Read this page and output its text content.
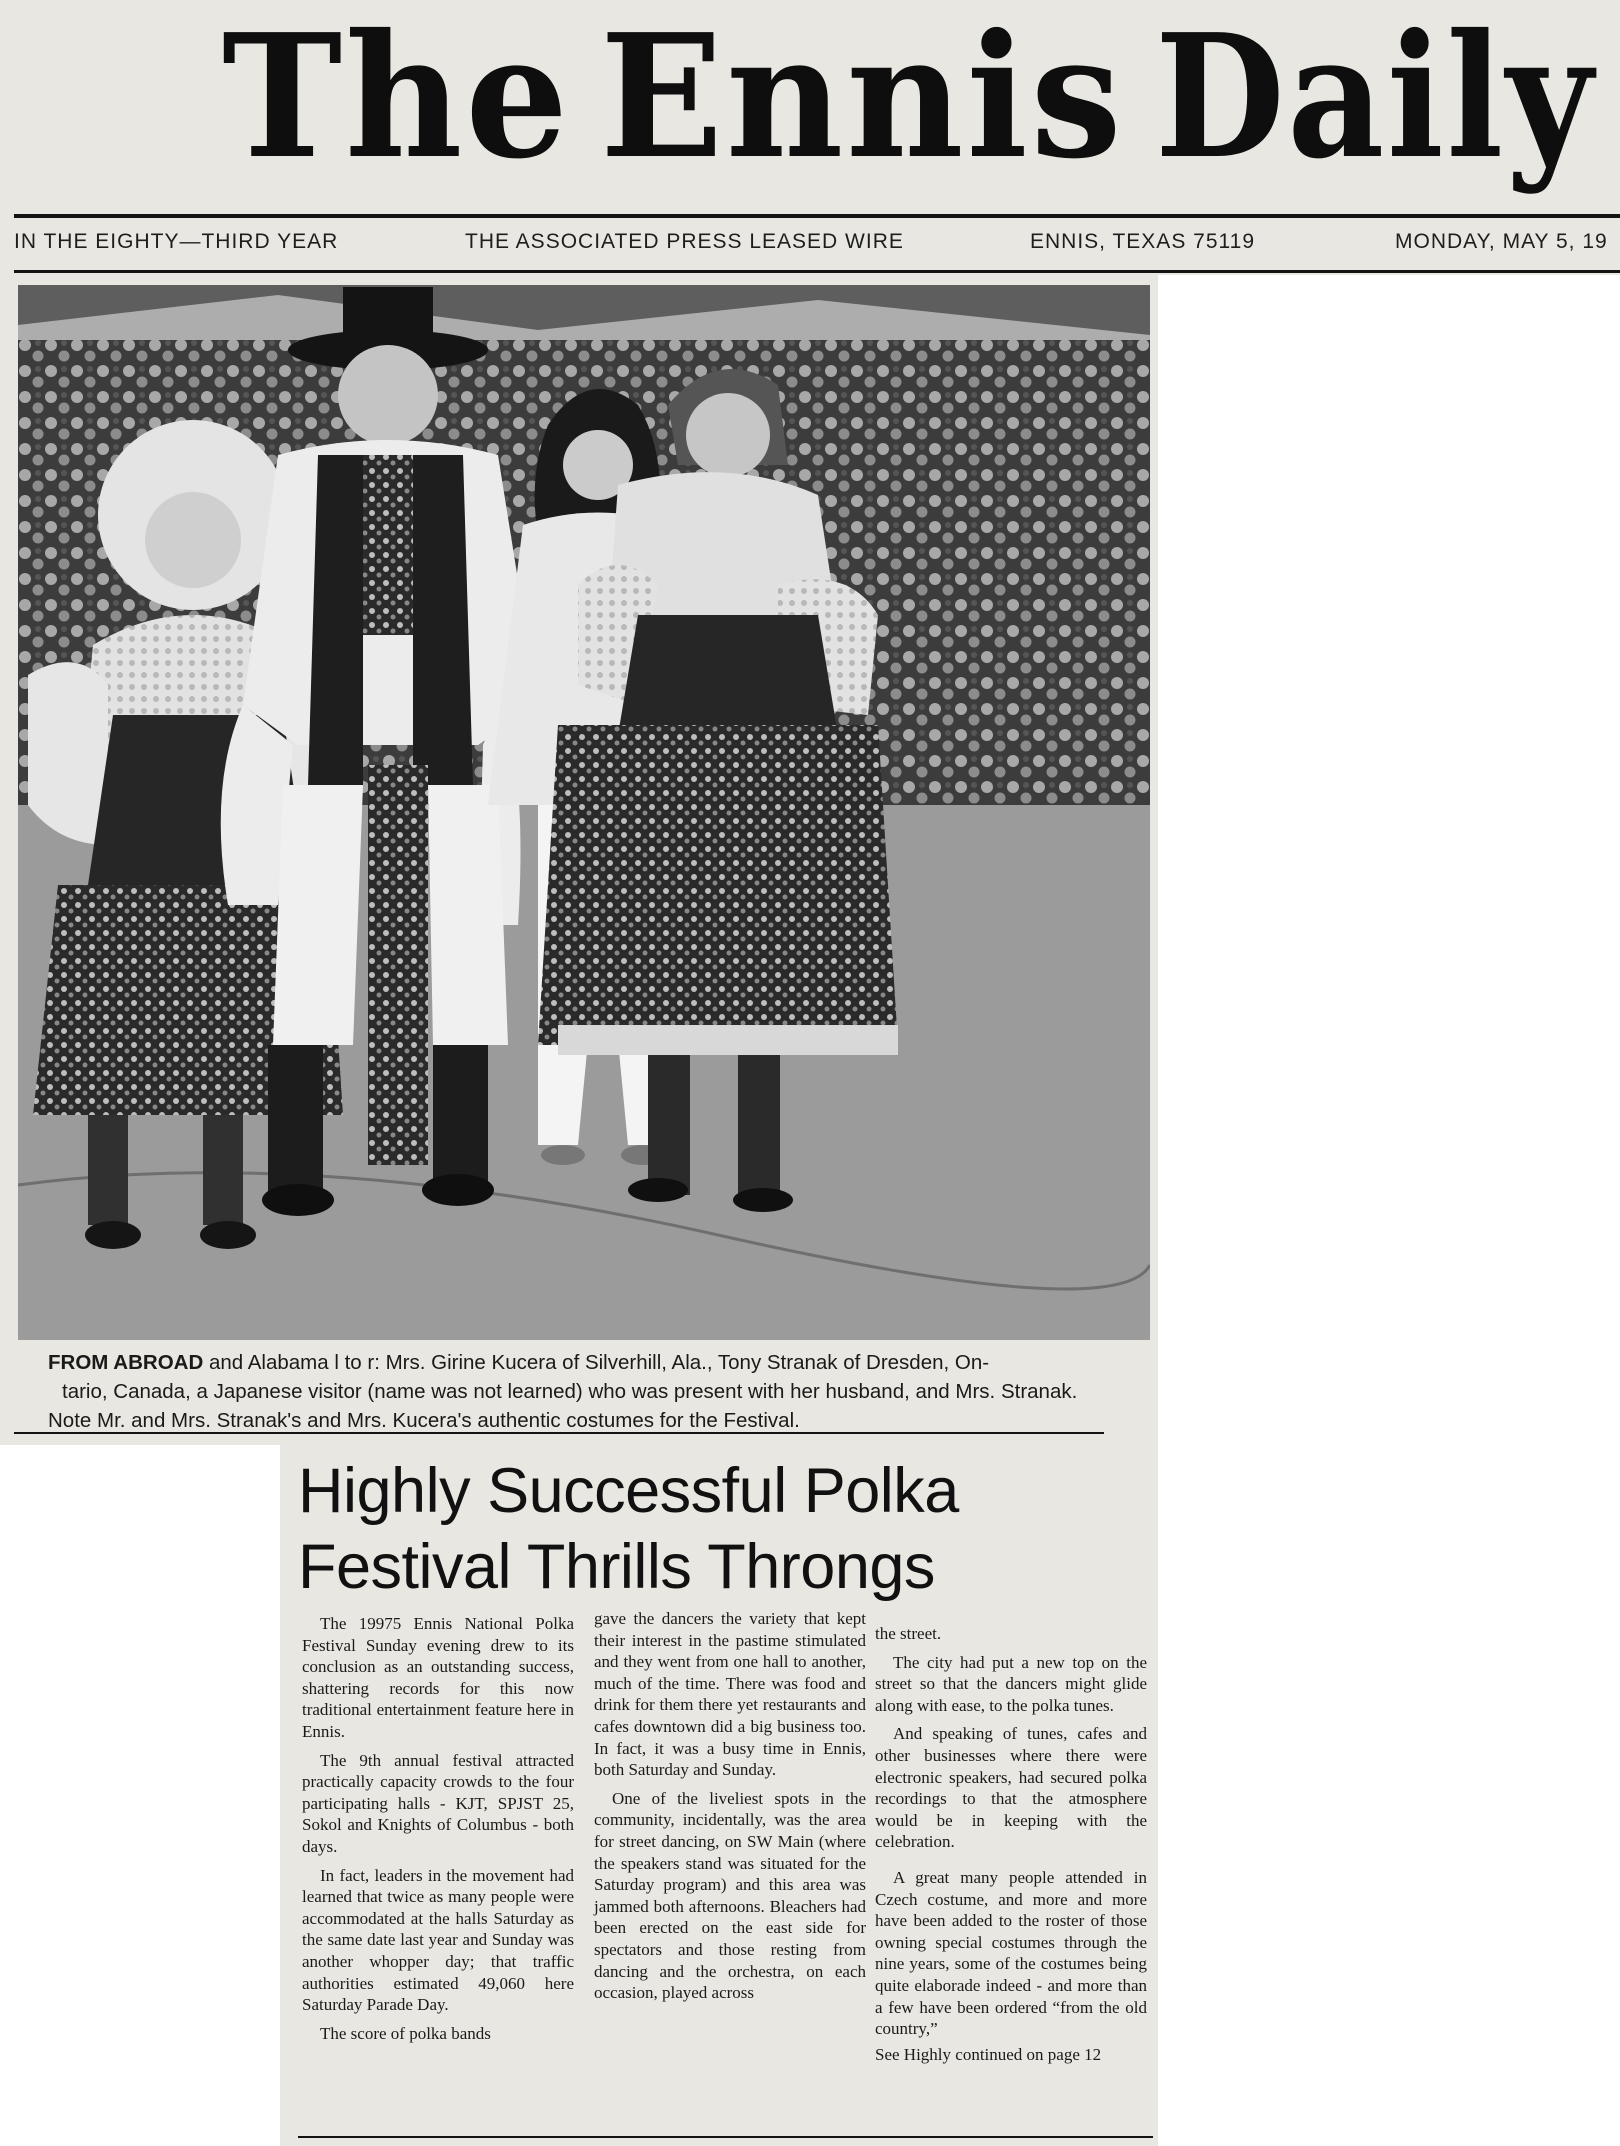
The Ennis Daily
IN THE EIGHTY—THIRD YEAR	THE ASSOCIATED PRESS LEASED WIRE	ENNIS, TEXAS 75119	MONDAY, MAY 5, 19
FROM ABROAD and Alabama l to r: Mrs. Girine Kucera of Silverhill, Ala., Tony Stranak of Dresden, On-
tario, Canada, a Japanese visitor (name was not learned) who was present with her husband, and Mrs. Stranak.
Note Mr. and Mrs. Stranak's and Mrs. Kucera's authentic costumes for the Festival.
Highly Successful Polka
Festival Thrills Throngs

The 19975 Ennis National Polka Festival Sunday evening drew to its conclusion as an outstanding success, shattering records for this now traditional entertainment feature here in Ennis.

The 9th annual festival attracted practically capacity crowds to the four participating halls - KJT, SPJST 25, Sokol and Knights of Columbus - both days.

In fact, leaders in the movement had learned that twice as many people were accommodated at the halls Saturday as the same date last year and Sunday was another whopper day; that traffic authorities estimated 49,060 here Saturday Parade Day.

The score of polka bands

gave the dancers the variety that kept their interest in the pastime stimulated and they went from one hall to another, much of the time. There was food and drink for them there yet restaurants and cafes downtown did a big business too. In fact, it was a busy time in Ennis, both Saturday and Sunday.

One of the liveliest spots in the community, incidentally, was the area for street dancing, on SW Main (where the speakers stand was situated for the Saturday program) and this area was jammed both afternoons. Bleachers had been erected on the east side for spectators and those resting from dancing and the orchestra, on each occasion, played across

the street.

The city had put a new top on the street so that the dancers might glide along with ease, to the polka tunes.

And speaking of tunes, cafes and other businesses where there were electronic speakers, had secured polka recordings to that the atmosphere would be in keeping with the celebration.

A great many people attended in Czech costume, and more and more have been added to the roster of those owning special costumes through the nine years, some of the costumes being quite elaborade indeed - and more than a few have been ordered “from the old country,”

See Highly continued on page 12
